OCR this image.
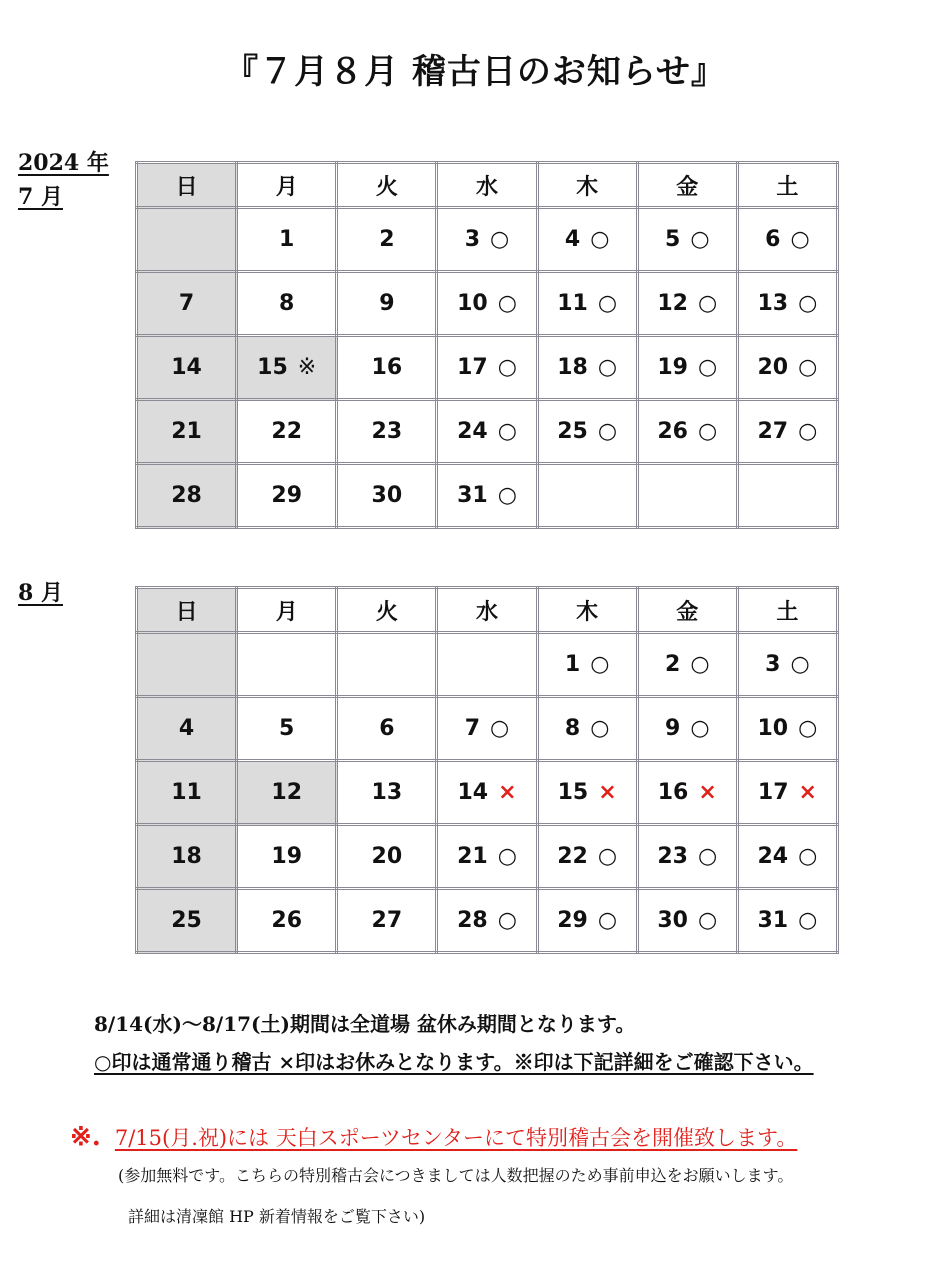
『７月８月 稽古日のお知らせ』
2024 年
7 月	日	月	火	水	木	金	土
	1	2	3 ○	4 ○	5 ○	6 ○
7	8	9	10 ○	11 ○	12 ○	13 ○
14	15 ※	16	17 ○	18 ○	19 ○	20 ○
21	22	23	24 ○	25 ○	26 ○	27 ○
28	29	30	31 ○			
8 月
日	月	火	水	木	金	土
				1 ○	2 ○	3 ○
4	5	6	7 ○	8 ○	9 ○	10 ○
11	12	13	14 ×	15 ×	16 ×	17 ×
18	19	20	21 ○	22 ○	23 ○	24 ○
25	26	27	28 ○	29 ○	30 ○	31 ○
8/14(水)～8/17(土)期間は全道場 盆休み期間となります。
○印は通常通り稽古 ×印はお休みとなります。※印は下記詳細をご確認下さい。
※. 7/15(月.祝)には 天白スポーツセンターにて特別稽古会を開催致します。
(参加無料です。こちらの特別稽古会につきましては人数把握のため事前申込をお願いします。
詳細は清凜館 HP 新着情報をご覧下さい)
